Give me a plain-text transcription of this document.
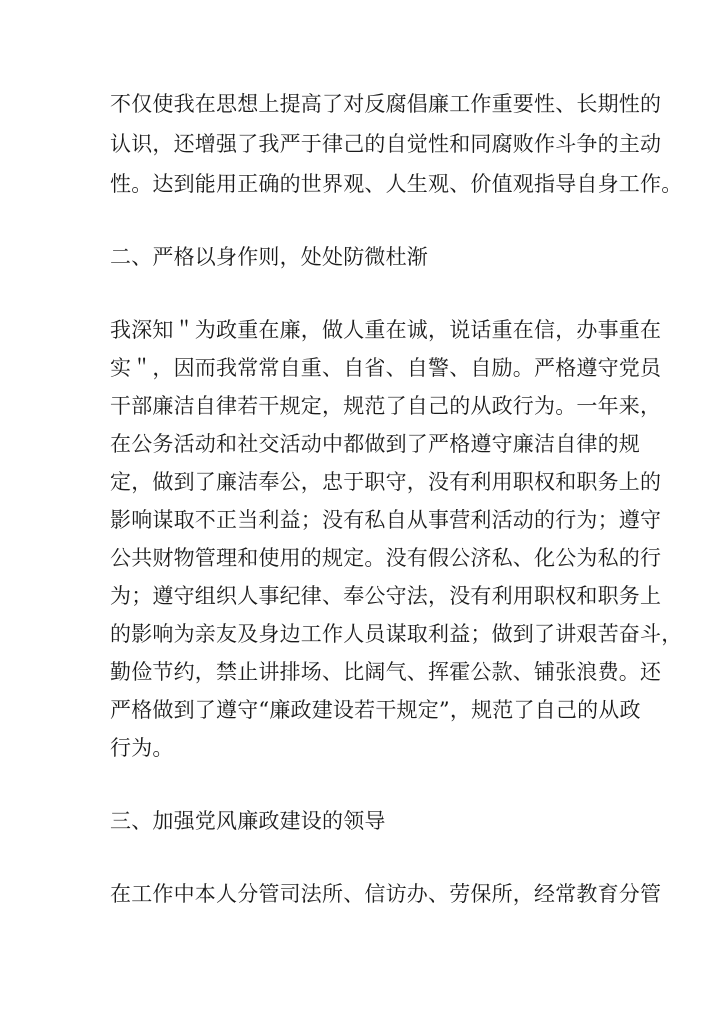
不仅使我在思想上提高了对反腐倡廉工作重要性、长期性的
认识，还增强了我严于律己的自觉性和同腐败作斗争的主动
性。达到能用正确的世界观、人生观、价值观指导自身工作。
二、严格以身作则，处处防微杜渐
我深知＂为政重在廉，做人重在诚，说话重在信，办事重在
实＂，因而我常常自重、自省、自警、自励。严格遵守党员
干部廉洁自律若干规定，规范了自己的从政行为。一年来，
在公务活动和社交活动中都做到了严格遵守廉洁自律的规
定，做到了廉洁奉公，忠于职守，没有利用职权和职务上的
影响谋取不正当利益；没有私自从事营利活动的行为；遵守
公共财物管理和使用的规定。没有假公济私、化公为私的行
为；遵守组织人事纪律、奉公守法，没有利用职权和职务上
的影响为亲友及身边工作人员谋取利益；做到了讲艰苦奋斗，
勤俭节约，禁止讲排场、比阔气、挥霍公款、铺张浪费。还
严格做到了遵守“廉政建设若干规定”，规范了自己的从政
行为。
三、加强党风廉政建设的领导
在工作中本人分管司法所、信访办、劳保所，经常教育分管
